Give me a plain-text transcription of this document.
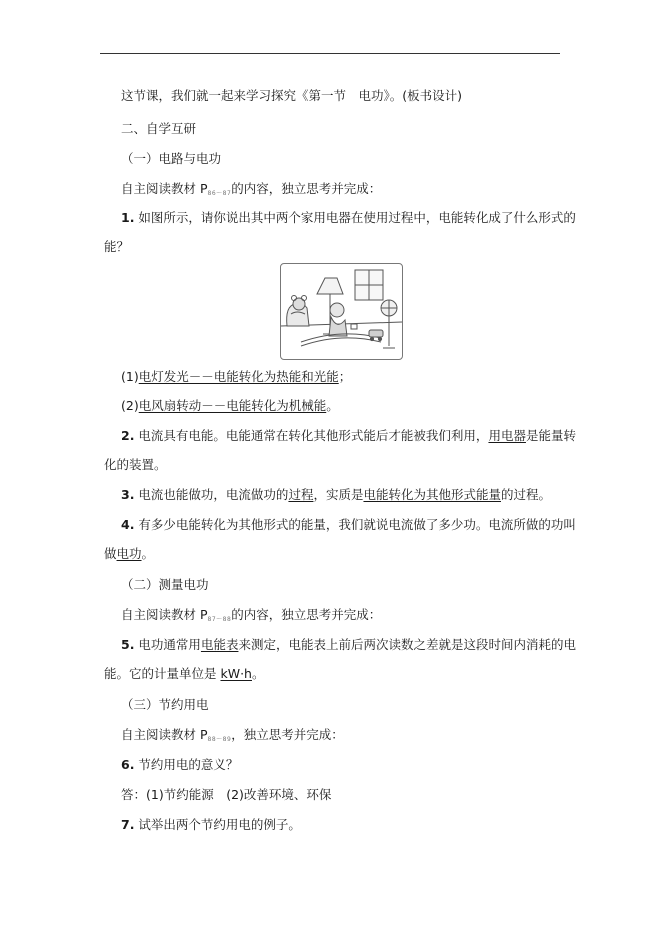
这节课，我们就一起来学习探究《第一节　电功》。(板书设计)
二、自学互研
（一）电路与电功
自主阅读教材 $P_{86\sim 87}$的内容，独立思考并完成：
1. 如图所示，请你说出其中两个家用电器在使用过程中，电能转化成了什么形式的
能？
(1)电灯发光－－电能转化为热能和光能；
(2)电风扇转动－－电能转化为机械能。
2. 电流具有电能。电能通常在转化其他形式能后才能被我们利用，用电器是能量转
化的装置。
3. 电流也能做功，电流做功的过程，实质是电能转化为其他形式能量的过程。
4. 有多少电能转化为其他形式的能量，我们就说电流做了多少功。电流所做的功叫
做电功。
（二）测量电功
自主阅读教材 $P_{87\sim 88}$的内容，独立思考并完成：
5. 电功通常用电能表来测定，电能表上前后两次读数之差就是这段时间内消耗的电
能。它的计量单位是 kW·h。
（三）节约用电
自主阅读教材 $P_{88\sim 89}$，独立思考并完成：
6. 节约用电的意义？
答：(1)节约能源　(2)改善环境、环保
7. 试举出两个节约用电的例子。
